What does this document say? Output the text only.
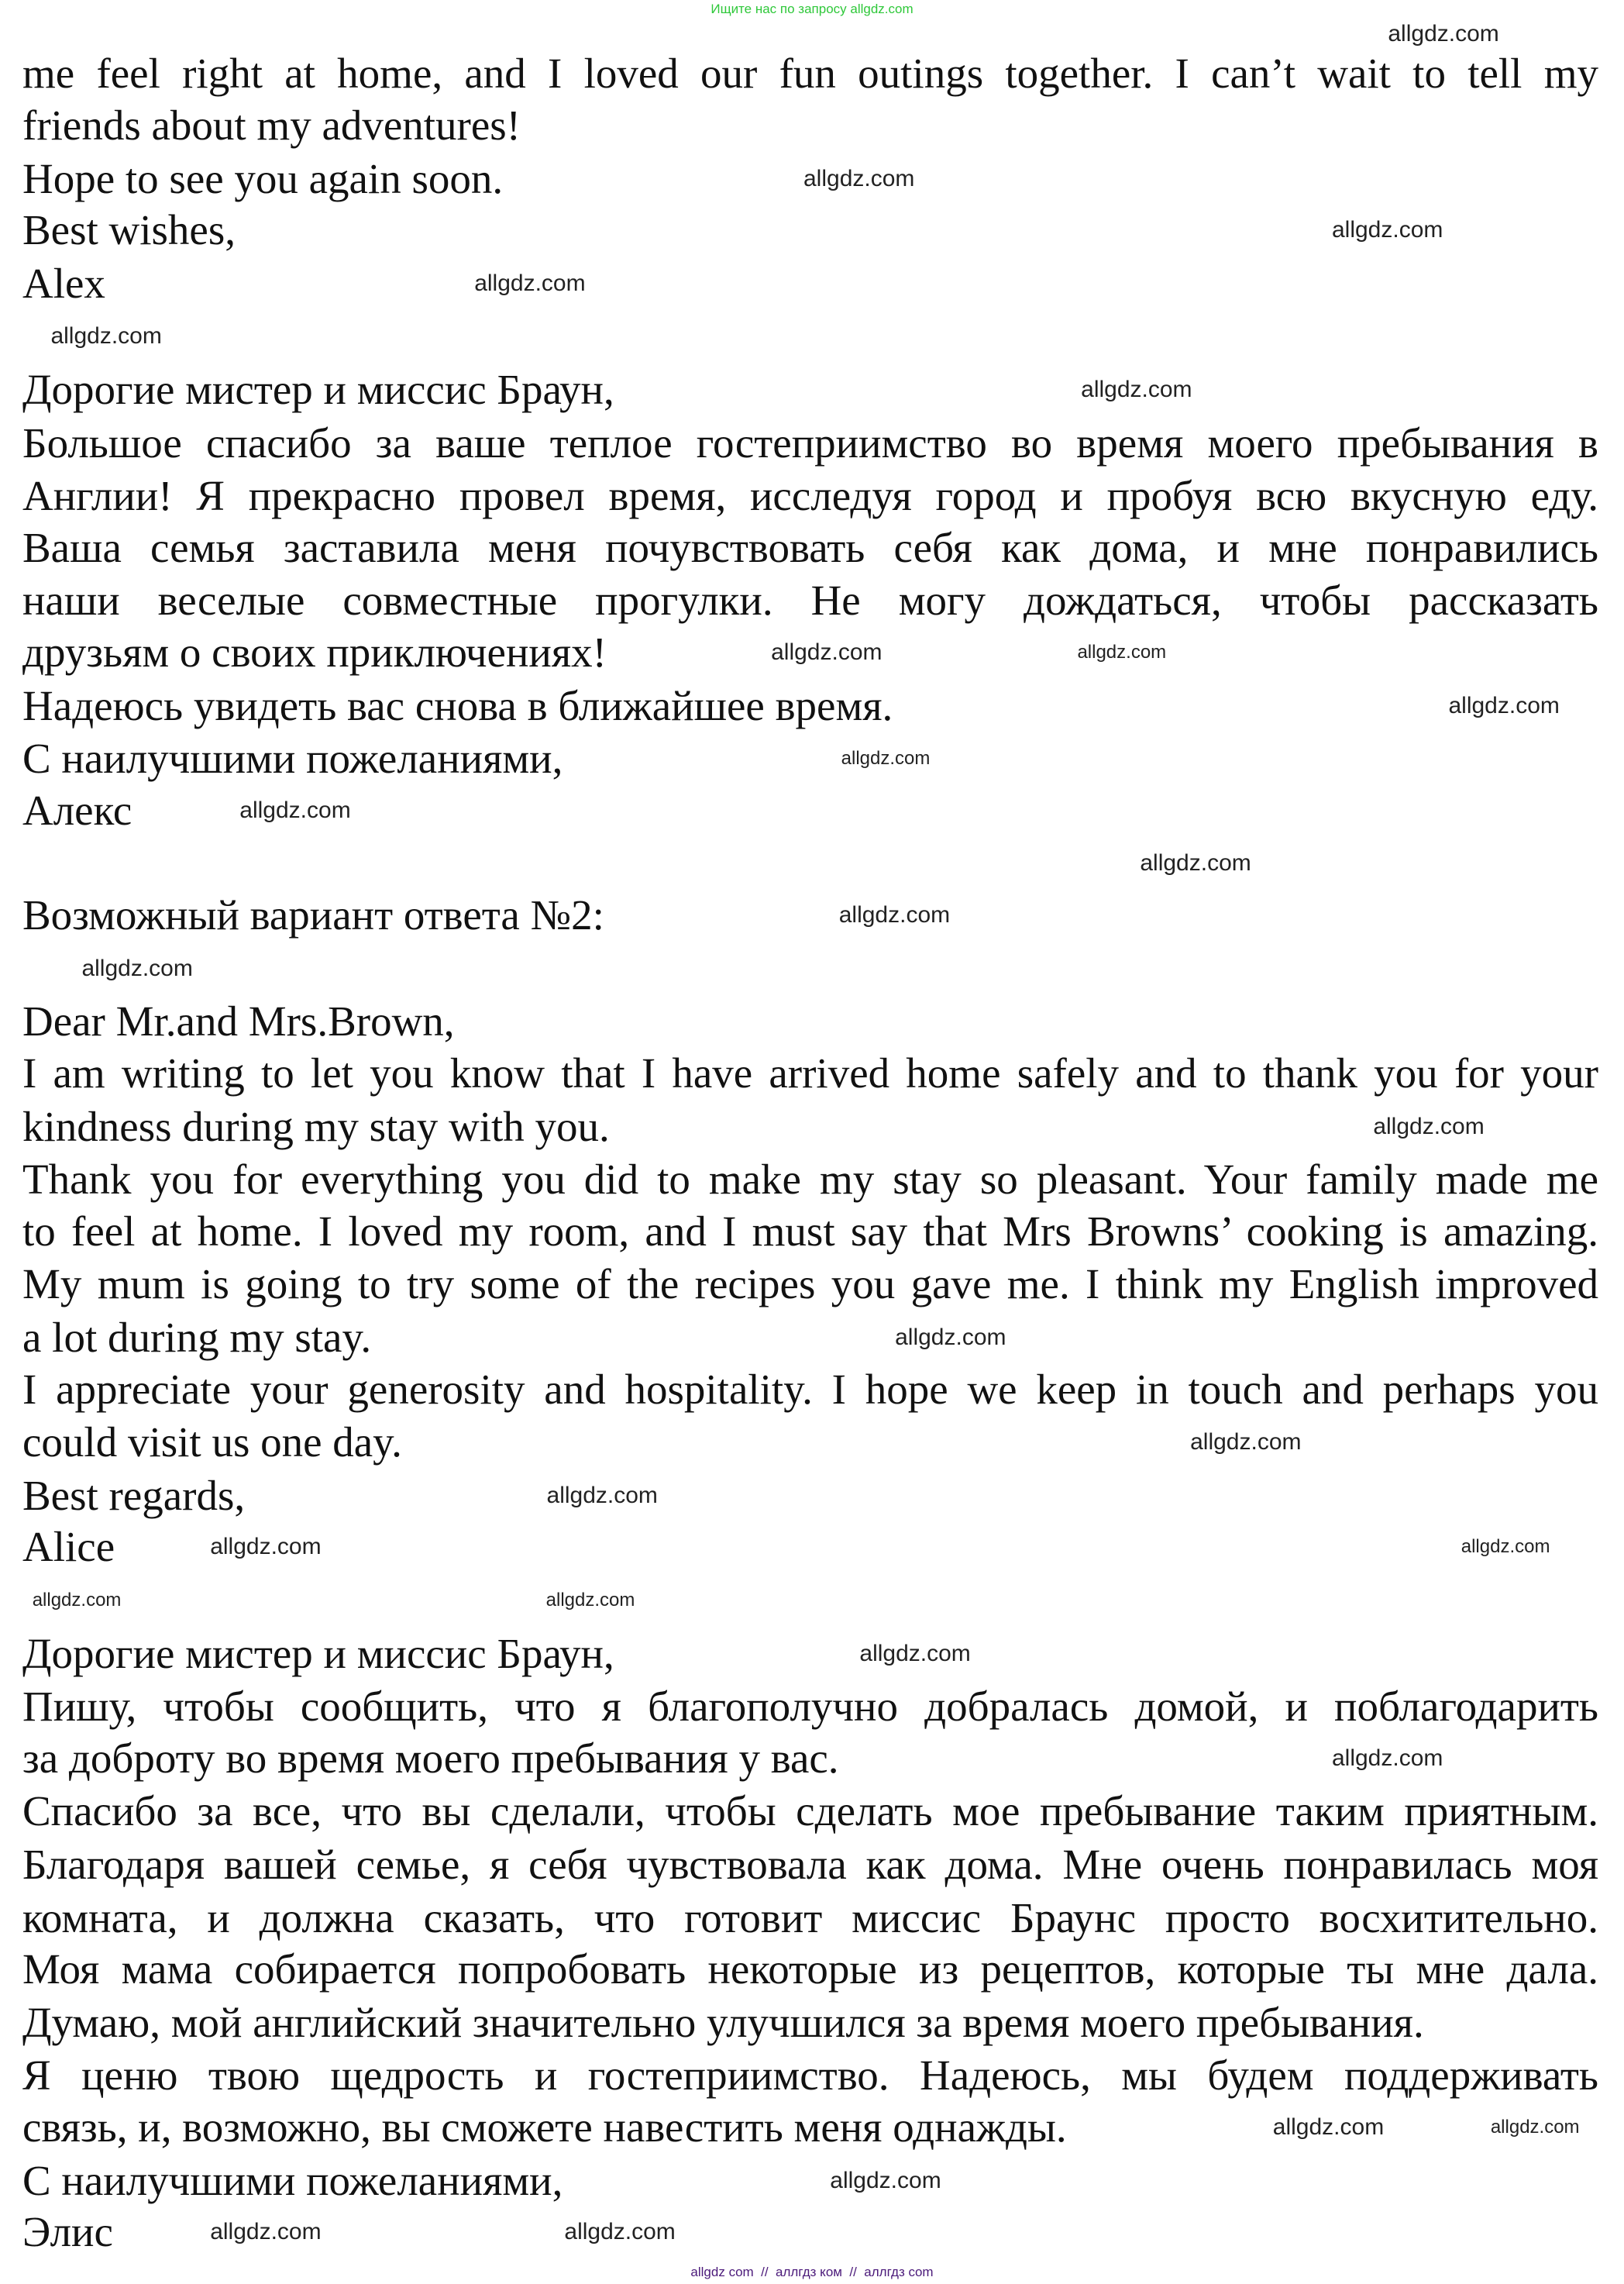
Ищите нас по запросу allgdz.com
me feel right at home, and I loved our fun outings together. I can’t wait to tell my
friends about my adventures!
Hope to see you again soon.
Best wishes,
Alex
Дорогие мистер и миссис Браун,
Большое спасибо за ваше теплое гостеприимство во время моего пребывания в
Англии! Я прекрасно провел время, исследуя город и пробуя всю вкусную еду.
Ваша семья заставила меня почувствовать себя как дома, и мне понравились
наши веселые совместные прогулки. Не могу дождаться, чтобы рассказать
друзьям о своих приключениях!
Надеюсь увидеть вас снова в ближайшее время.
С наилучшими пожеланиями,
Алекс
Возможный вариант ответа №2:
Dear Mr.and Mrs.Brown,
I am writing to let you know that I have arrived home safely and to thank you for your
kindness during my stay with you.
Thank you for everything you did to make my stay so pleasant. Your family made me
to feel at home. I loved my room, and I must say that Mrs Browns’ cooking is amazing.
My mum is going to try some of the recipes you gave me. I think my English improved
a lot during my stay.
I appreciate your generosity and hospitality. I hope we keep in touch and perhaps you
could visit us one day.
Best regards,
Alice
Дорогие мистер и миссис Браун,
Пишу, чтобы сообщить, что я благополучно добралась домой, и поблагодарить
за доброту во время моего пребывания у вас.
Спасибо за все, что вы сделали, чтобы сделать мое пребывание таким приятным.
Благодаря вашей семье, я себя чувствовала как дома. Мне очень понравилась моя
комната, и должна сказать, что готовит миссис Браунс просто восхитительно.
Моя мама собирается попробовать некоторые из рецептов, которые ты мне дала.
Думаю, мой английский значительно улучшился за время моего пребывания.
Я ценю твою щедрость и гостеприимство. Надеюсь, мы будем поддерживать
связь, и, возможно, вы сможете навестить меня однажды.
С наилучшими пожеланиями,
Элис
allgdz.com
allgdz.com
allgdz.com
allgdz.com
allgdz.com
allgdz.com
allgdz.com
allgdz.com
allgdz.com
allgdz.com
allgdz.com
allgdz.com
allgdz.com
allgdz.com
allgdz.com
allgdz.com
allgdz.com
allgdz.com
allgdz.com
allgdz.com
allgdz.com
allgdz.com
allgdz.com	allgdz.com
allgdz.com
allgdz.com
allgdz.com
allgdz.com	allgdz.com
allgdz com  //  аллгдз ком  //  аллгдз com
